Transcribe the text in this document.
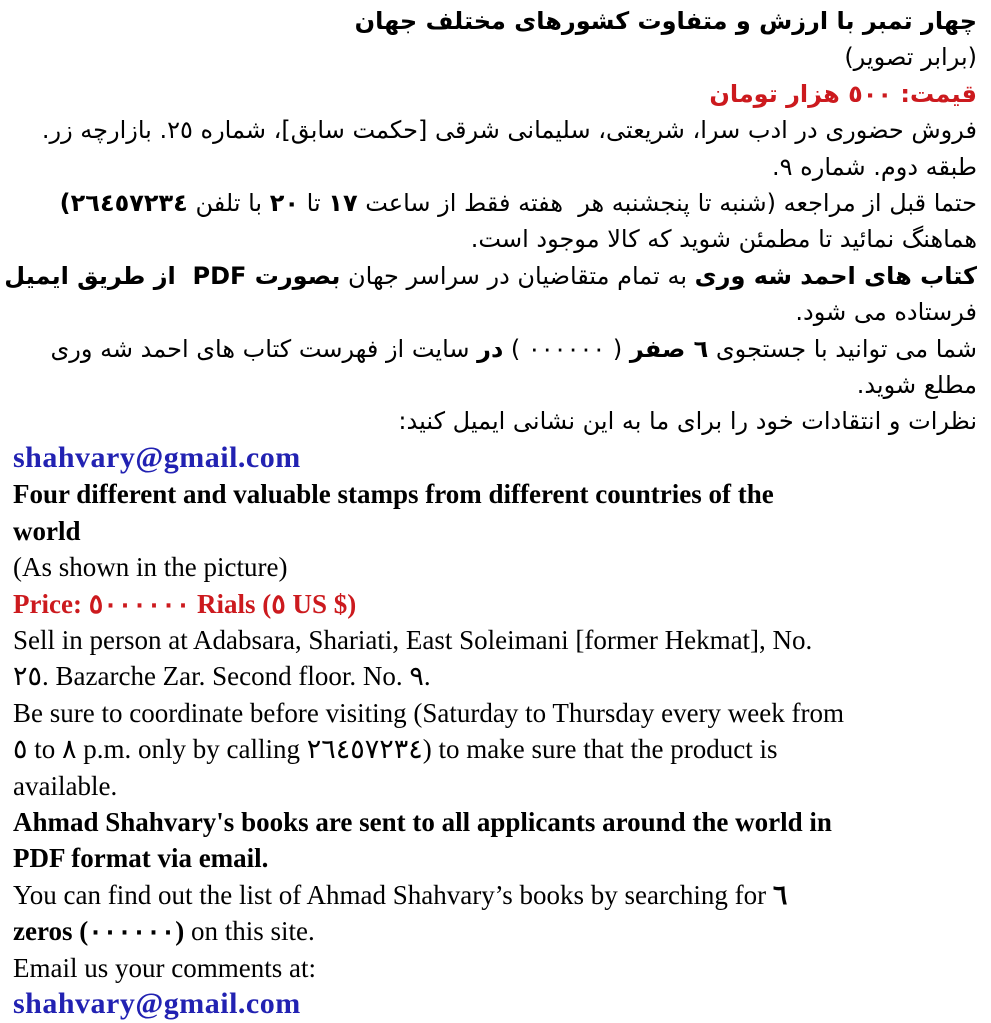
چهار تمبر با ارزش و متفاوت کشورهای مختلف جهان
(برابر تصویر)
قیمت: ٥٠٠ هزار تومان
فروش حضوری در ادب سرا، شریعتی، سلیمانی شرقی [حکمت سابق]، شماره ٢٥. بازارچه زر.
طبقه دوم. شماره ٩.
حتما قبل از مراجعه (شنبه تا پنجشنبه هر  هفته فقط از ساعت ١٧ تا ٢٠ با تلفن ٢٦٤٥٧٢٣٤)
هماهنگ نمائید تا مطمئن شوید که کالا موجود است.
کتاب های احمد شه وری به تمام متقاضیان در سراسر جهان بصورت PDF  از طریق ایمیل
فرستاده می شود.
شما می توانید با جستجوی ٦ صفر ( ٠٠٠٠٠٠ ) در سایت از فهرست کتاب های احمد شه وری
مطلع شوید.
نظرات و انتقادات خود را برای ما به این نشانی ایمیل کنید:
shahvary@gmail.com
Four different and valuable stamps from different countries of the
world
(As shown in the picture)
Price: ٥٠٠٠٠٠٠ Rials (٥ US $)
Sell in person at Adabsara, Shariati, East Soleimani [former Hekmat], No.
٢٥. Bazarche Zar. Second floor. No. ٩.
Be sure to coordinate before visiting (Saturday to Thursday every week from
٥ to ٨ p.m. only by calling ٢٦٤٥٧٢٣٤) to make sure that the product is
available.
Ahmad Shahvary's books are sent to all applicants around the world in
PDF format via email.
You can find out the list of Ahmad Shahvary’s books by searching for ٦
zeros (٠٠٠٠٠٠) on this site.
Email us your comments at:
shahvary@gmail.com
